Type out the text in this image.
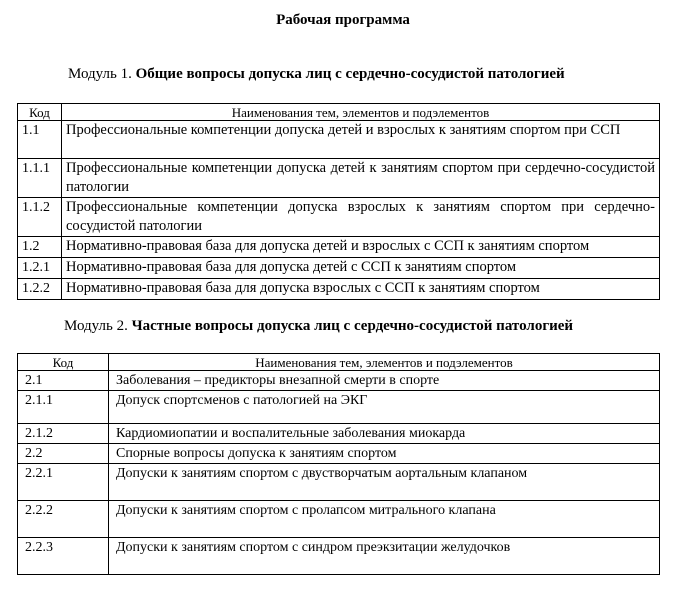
Рабочая программа
Модуль 1. Общие вопросы допуска лиц с сердечно-сосудистой патологией
Код	Наименования тем, элементов и подэлементов
1.1	Профессиональные компетенции допуска детей и взрослых к занятиям спортом при ССП
1.1.1	Профессиональные компетенции допуска детей к занятиям спортом при сердечно-сосудистой патологии
1.1.2	Профессиональные компетенции допуска взрослых к занятиям спортом при сердечно-сосудистой патологии
1.2	Нормативно-правовая база для допуска детей и взрослых с ССП к занятиям спортом
1.2.1	Нормативно-правовая база для допуска детей с ССП к занятиям спортом
1.2.2	Нормативно-правовая база для допуска взрослых с ССП к занятиям спортом
Модуль 2. Частные вопросы допуска лиц с сердечно-сосудистой патологией
Код	Наименования тем, элементов и подэлементов
2.1	Заболевания – предикторы внезапной смерти в спорте
2.1.1	Допуск спортсменов с патологией на ЭКГ
2.1.2	Кардиомиопатии и воспалительные заболевания миокарда
2.2	Спорные вопросы допуска к занятиям спортом
2.2.1	Допуски к занятиям спортом с двустворчатым аортальным клапаном
2.2.2	Допуски к занятиям спортом с пролапсом митрального клапана
2.2.3	Допуски к занятиям спортом с синдром преэкзитации желудочков
